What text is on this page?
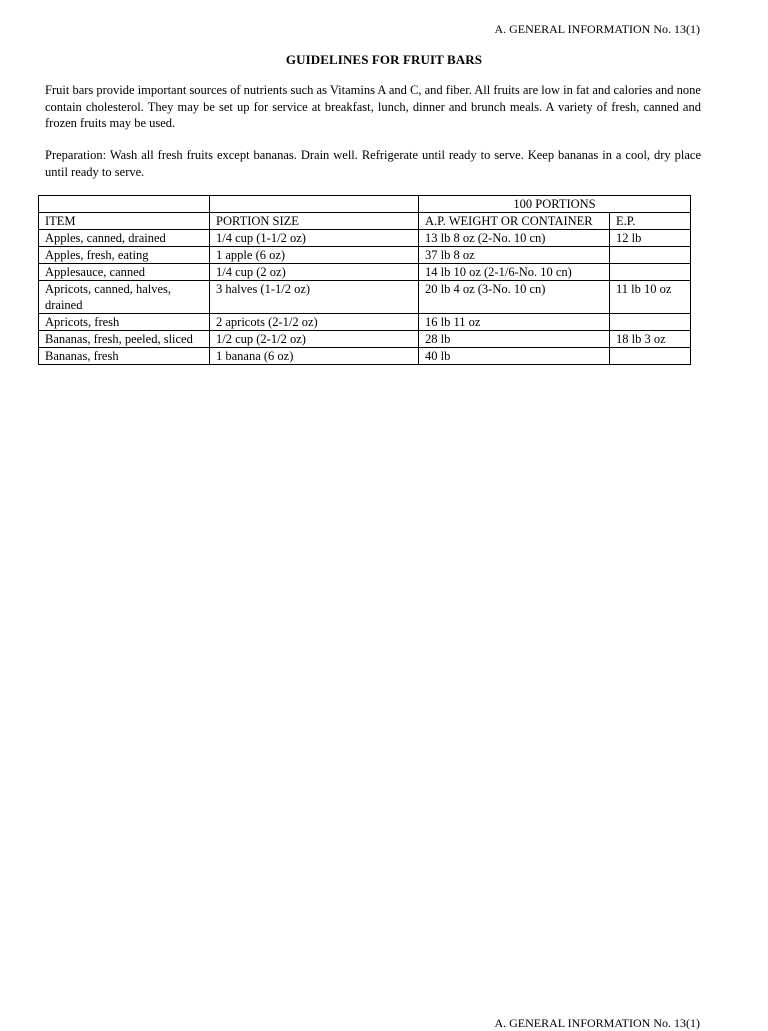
A. GENERAL INFORMATION No. 13(1)
GUIDELINES FOR FRUIT BARS

Fruit bars provide important sources of nutrients such as Vitamins A and C, and fiber. All fruits are low in fat and calories and none contain cholesterol. They may be set up for service at breakfast, lunch, dinner and brunch meals. A variety of fresh, canned and frozen fruits may be used.

Preparation: Wash all fresh fruits except bananas. Drain well. Refrigerate until ready to serve. Keep bananas in a cool, dry place until ready to serve.

		100 PORTIONS	
ITEM	PORTION SIZE	A.P. WEIGHT OR CONTAINER	E.P.
Apples, canned, drained	1/4 cup (1-1/2 oz)	13 lb 8 oz (2-No. 10 cn)	12 lb
Apples, fresh, eating	1 apple (6 oz)	37 lb 8 oz	
Applesauce, canned	1/4 cup (2 oz)	14 lb 10 oz (2-1/6-No. 10 cn)	
Apricots, canned, halves, drained	3 halves (1-1/2 oz)	20 lb 4 oz (3-No. 10 cn)	11 lb 10 oz
Apricots, fresh	2 apricots (2-1/2 oz)	16 lb 11 oz	
Bananas, fresh, peeled, sliced	1/2 cup (2-1/2 oz)	28 lb	18 lb 3 oz
Bananas, fresh	1 banana (6 oz)	40 lb	
A. GENERAL INFORMATION No. 13(1)
